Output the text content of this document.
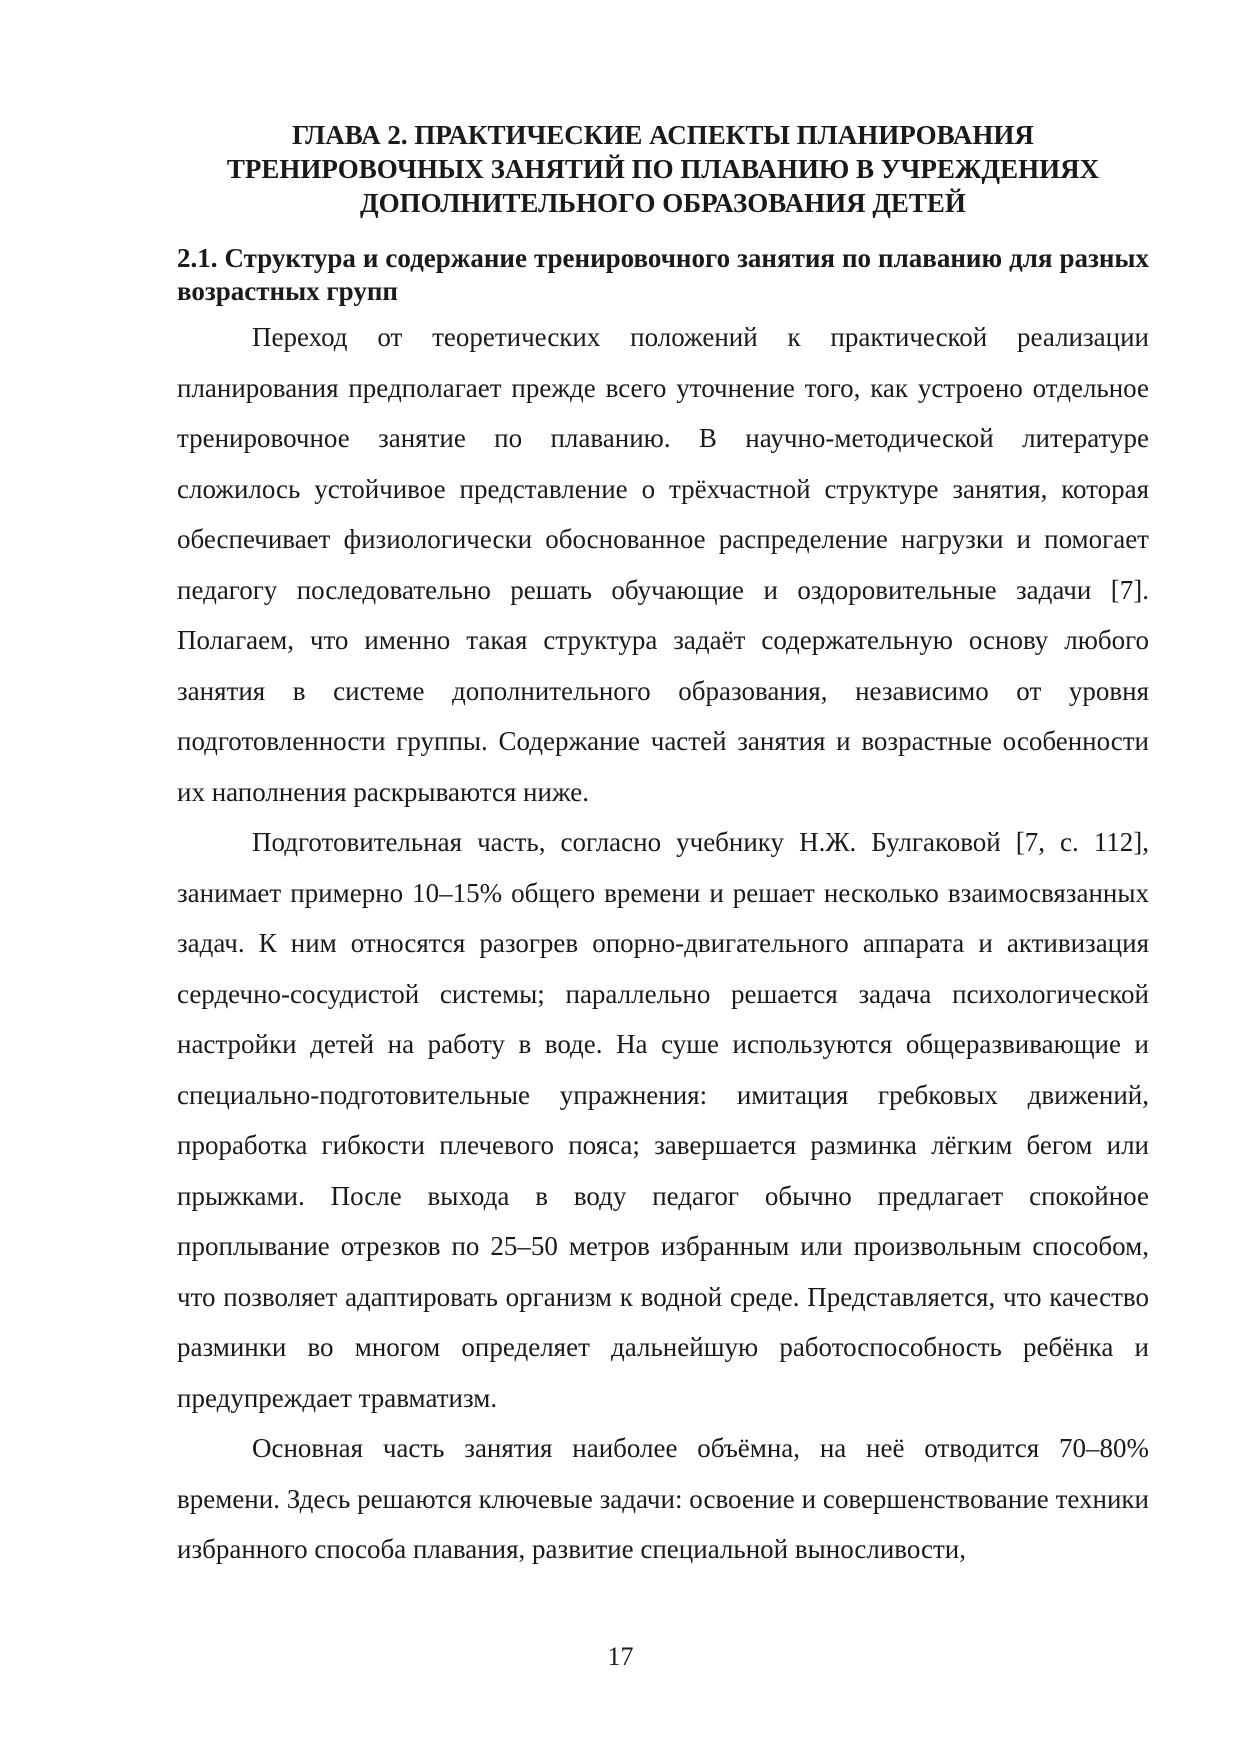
ГЛАВА 2. ПРАКТИЧЕСКИЕ АСПЕКТЫ ПЛАНИРОВАНИЯ
ТРЕНИРОВОЧНЫХ ЗАНЯТИЙ ПО ПЛАВАНИЮ В УЧРЕЖДЕНИЯХ
ДОПОЛНИТЕЛЬНОГО ОБРАЗОВАНИЯ ДЕТЕЙ
2.1. Структура и содержание тренировочного занятия по плаванию для разных возрастных групп

Переход от теоретических положений к практической реализации планирования предполагает прежде всего уточнение того, как устроено отдельное тренировочное занятие по плаванию. В научно-методической литературе сложилось устойчивое представление о трёхчастной структуре занятия, которая обеспечивает физиологически обоснованное распределение нагрузки и помогает педагогу последовательно решать обучающие и оздоровительные задачи [7]. Полагаем, что именно такая структура задаёт содержательную основу любого занятия в системе дополнительного образования, независимо от уровня подготовленности группы. Содержание частей занятия и возрастные особенности их наполнения раскрываются ниже.

Подготовительная часть, согласно учебнику Н.Ж. Булгаковой [7, с. 112], занимает примерно 10–15% общего времени и решает несколько взаимосвязанных задач. К ним относятся разогрев опорно-двигательного аппарата и активизация сердечно-сосудистой системы; параллельно решается задача психологической настройки детей на работу в воде. На суше используются общеразвивающие и специально-подготовительные упражнения: имитация гребковых движений, проработка гибкости плечевого пояса; завершается разминка лёгким бегом или прыжками. После выхода в воду педагог обычно предлагает спокойное проплывание отрезков по 25–50 метров избранным или произвольным способом, что позволяет адаптировать организм к водной среде. Представляется, что качество разминки во многом определяет дальнейшую работоспособность ребёнка и предупреждает травматизм.

Основная часть занятия наиболее объёмна, на неё отводится 70–80% времени. Здесь решаются ключевые задачи: освоение и совершенствование техники избранного способа плавания, развитие специальной выносливости,

17
